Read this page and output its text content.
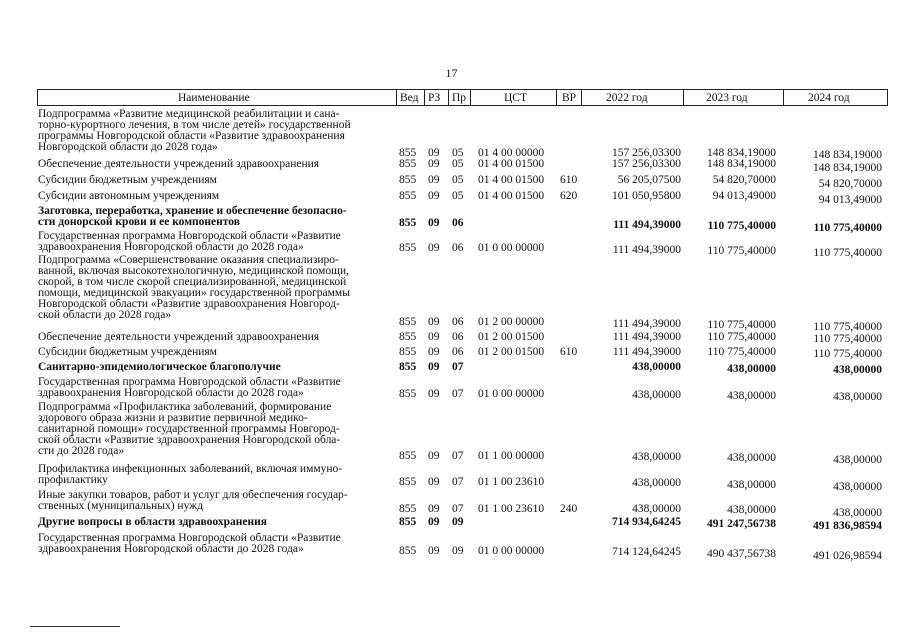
17
Наименование	Вед РЗ Пр	ЦСТ	ВР	2022 год	2023 год	2024 год
Подпрограмма «Развитие медицинской реабилитации и сана-
торно-курортного лечения, в том числе детей» государственной
программы Новгородской области «Развитие здравоохранения
Новгородской области до 2028 года»	855 09 05 01 4 00 00000	157 256,03300	148 834,19000	148 834,19000
Обеспечение деятельности учреждений здравоохранения	855 09 05 01 4 00 01500	157 256,03300	148 834,19000	148 834,19000
Субсидии бюджетным учреждениям	855 09 05 01 4 00 01500 610	56 205,07500	54 820,70000	54 820,70000
Субсидии автономным учреждениям	855 09 05 01 4 00 01500 620	101 050,95800	94 013,49000	94 013,49000
Заготовка, переработка, хранение и обеспечение безопасно-
сти донорской крови и ее компонентов	855 09 06	111 494,39000	110 775,40000	110 775,40000
Государственная программа Новгородской области «Развитие
здравоохранения Новгородской области до 2028 года»	855 09 06 01 0 00 00000	111 494,39000	110 775,40000	110 775,40000
Подпрограмма «Совершенствование оказания специализиро-
ванной, включая высокотехнологичную, медицинской помощи,
скорой, в том числе скорой специализированной, медицинской
помощи, медицинской эвакуации» государственной программы
Новгородской области «Развитие здравоохранения Новгород-
ской области до 2028 года»
855 09 06 01 2 00 00000	111 494,39000	110 775,40000	110 775,40000
Обеспечение деятельности учреждений здравоохранения	855 09 06 01 2 00 01500	111 494,39000	110 775,40000	110 775,40000
Субсидии бюджетным учреждениям	855 09 06 01 2 00 01500 610	111 494,39000	110 775,40000	110 775,40000
Санитарно-эпидемиологическое благополучие	855 09 07	438,00000	438,00000	438,00000
Государственная программа Новгородской области «Развитие
здравоохранения Новгородской области до 2028 года»	855 09 07 01 0 00 00000	438,00000	438,00000	438,00000
Подпрограмма «Профилактика заболеваний, формирование
здорового образа жизни и развитие первичной медико-
санитарной помощи» государственной программы Новгород-
ской области «Развитие здравоохранения Новгородской обла-
сти до 2028 года»	855 09 07 01 1 00 00000	438,00000	438,00000	438,00000
Профилактика инфекционных заболеваний, включая иммуно-
профилактику	855 09 07 01 1 00 23610	438,00000	438,00000	438,00000
Иные закупки товаров, работ и услуг для обеспечения государ-
ственных (муниципальных) нужд	855 09 07 01 1 00 23610 240	438,00000	438,00000	438,00000
Другие вопросы в области здравоохранения	855 09 09	714 934,64245	491 247,56738	491 836,98594
Государственная программа Новгородской области «Развитие
здравоохранения Новгородской области до 2028 года»	855 09 09 01 0 00 00000	714 124,64245	490 437,56738	491 026,98594
